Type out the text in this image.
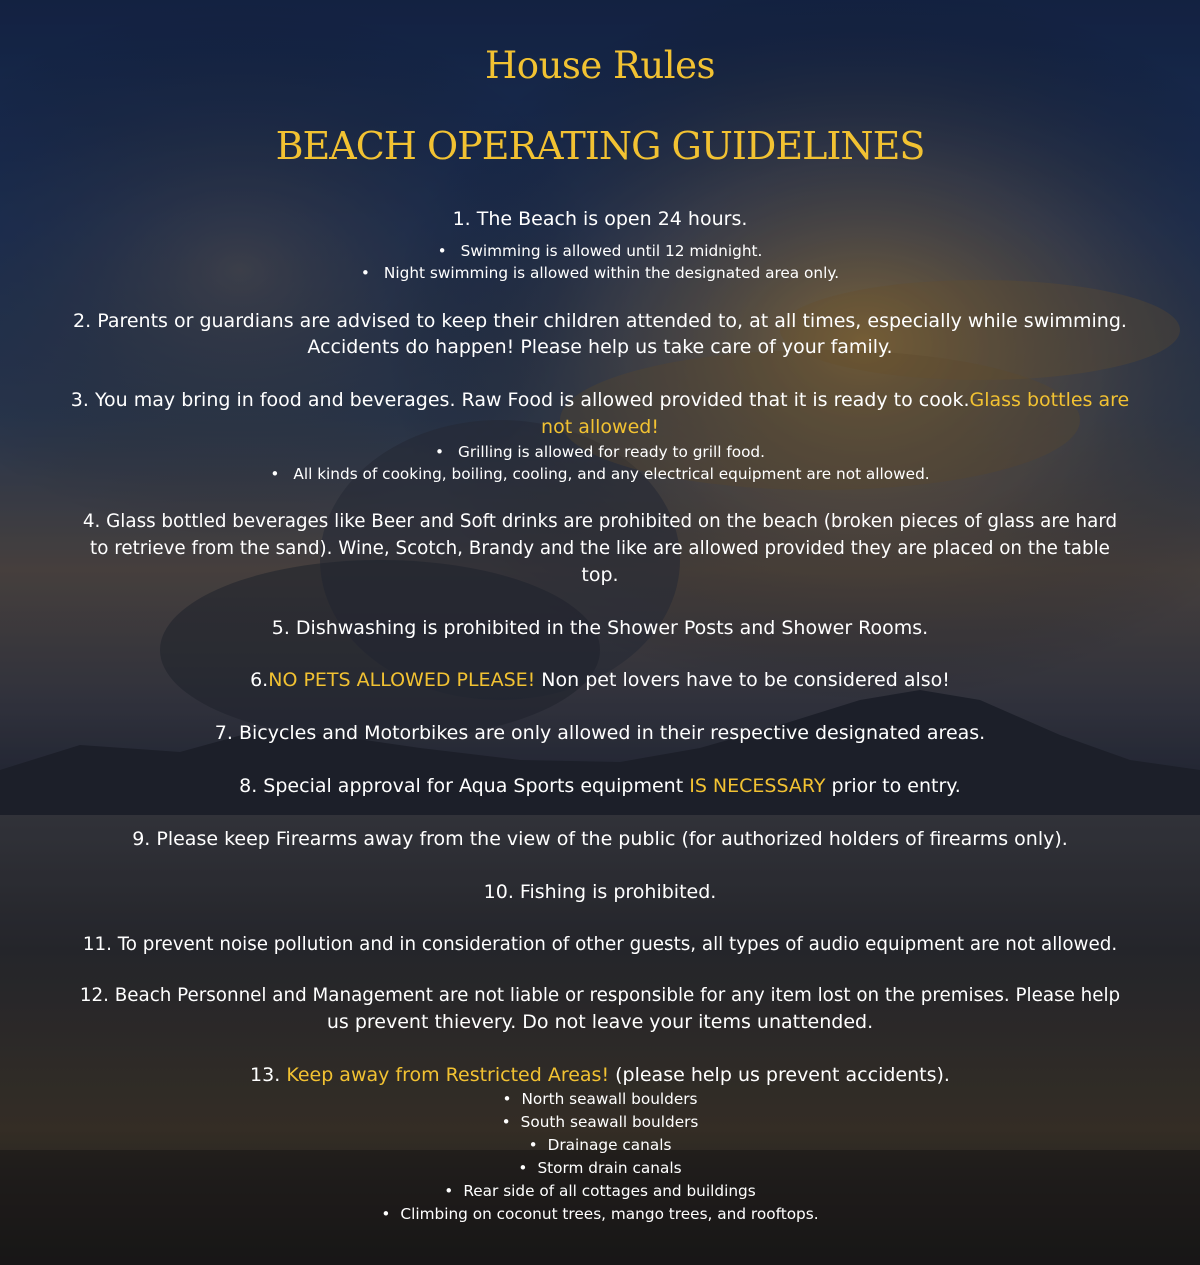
House Rules
BEACH OPERATING GUIDELINES
1. The Beach is open 24 hours.
• Swimming is allowed until 12 midnight.
• Night swimming is allowed within the designated area only.
2. Parents or guardians are advised to keep their children attended to, at all times, especially while swimming.
Accidents do happen! Please help us take care of your family.
3. You may bring in food and beverages. Raw Food is allowed provided that it is ready to cook.Glass bottles are
not allowed!
• Grilling is allowed for ready to grill food.
• All kinds of cooking, boiling, cooling, and any electrical equipment are not allowed.
4. Glass bottled beverages like Beer and Soft drinks are prohibited on the beach (broken pieces of glass are hard
to retrieve from the sand). Wine, Scotch, Brandy and the like are allowed provided they are placed on the table
top.
5. Dishwashing is prohibited in the Shower Posts and Shower Rooms.
6.NO PETS ALLOWED PLEASE! Non pet lovers have to be considered also!
7. Bicycles and Motorbikes are only allowed in their respective designated areas.
8. Special approval for Aqua Sports equipment IS NECESSARY prior to entry.
9. Please keep Firearms away from the view of the public (for authorized holders of firearms only).
10. Fishing is prohibited.
11. To prevent noise pollution and in consideration of other guests, all types of audio equipment are not allowed.
12. Beach Personnel and Management are not liable or responsible for any item lost on the premises. Please help
us prevent thievery. Do not leave your items unattended.
13. Keep away from Restricted Areas! (please help us prevent accidents).
• North seawall boulders
• South seawall boulders
• Drainage canals
• Storm drain canals
• Rear side of all cottages and buildings
• Climbing on coconut trees, mango trees, and rooftops.
